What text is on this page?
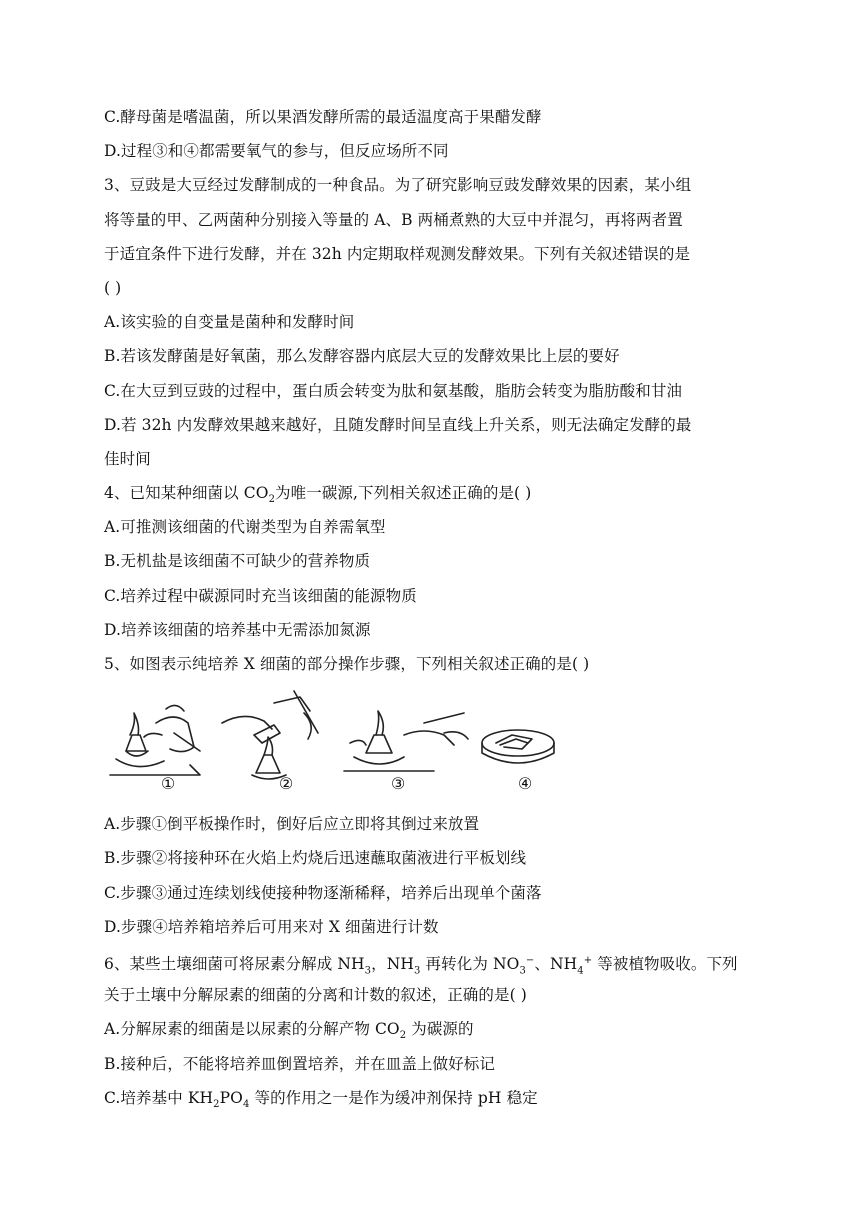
C.酵母菌是嗜温菌，所以果酒发酵所需的最适温度高于果醋发酵
D.过程③和④都需要氧气的参与，但反应场所不同
3、豆豉是大豆经过发酵制成的一种食品。为了研究影响豆豉发酵效果的因素，某小组
将等量的甲、乙两菌种分别接入等量的 A、B 两桶煮熟的大豆中并混匀，再将两者置
于适宜条件下进行发酵，并在 32h 内定期取样观测发酵效果。下列有关叙述错误的是
( )
A.该实验的自变量是菌种和发酵时间
B.若该发酵菌是好氧菌，那么发酵容器内底层大豆的发酵效果比上层的要好
C.在大豆到豆豉的过程中，蛋白质会转变为肽和氨基酸，脂肪会转变为脂肪酸和甘油
D.若 32h 内发酵效果越来越好，且随发酵时间呈直线上升关系，则无法确定发酵的最
佳时间
4、已知某种细菌以 $CO_2$为唯一碳源,下列相关叙述正确的是( )
A.可推测该细菌的代谢类型为自养需氧型
B.无机盐是该细菌不可缺少的营养物质
C.培养过程中碳源同时充当该细菌的能源物质
D.培养该细菌的培养基中无需添加氮源
5、如图表示纯培养 X 细菌的部分操作步骤，下列相关叙述正确的是( )
①	②	③	④
A.步骤①倒平板操作时，倒好后应立即将其倒过来放置
B.步骤②将接种环在火焰上灼烧后迅速蘸取菌液进行平板划线
C.步骤③通过连续划线使接种物逐渐稀释，培养后出现单个菌落
D.步骤④培养箱培养后可用来对 X 细菌进行计数
6、某些土壤细菌可将尿素分解成 $NH_3$，$NH_3$ 再转化为 $NO_3^-$、$NH_4^+$ 等被植物吸收。下列
关于土壤中分解尿素的细菌的分离和计数的叙述，正确的是( )
A.分解尿素的细菌是以尿素的分解产物 $CO_2$ 为碳源的
B.接种后，不能将培养皿倒置培养，并在皿盖上做好标记
C.培养基中 $KH_2PO_4$ 等的作用之一是作为缓冲剂保持 pH 稳定
